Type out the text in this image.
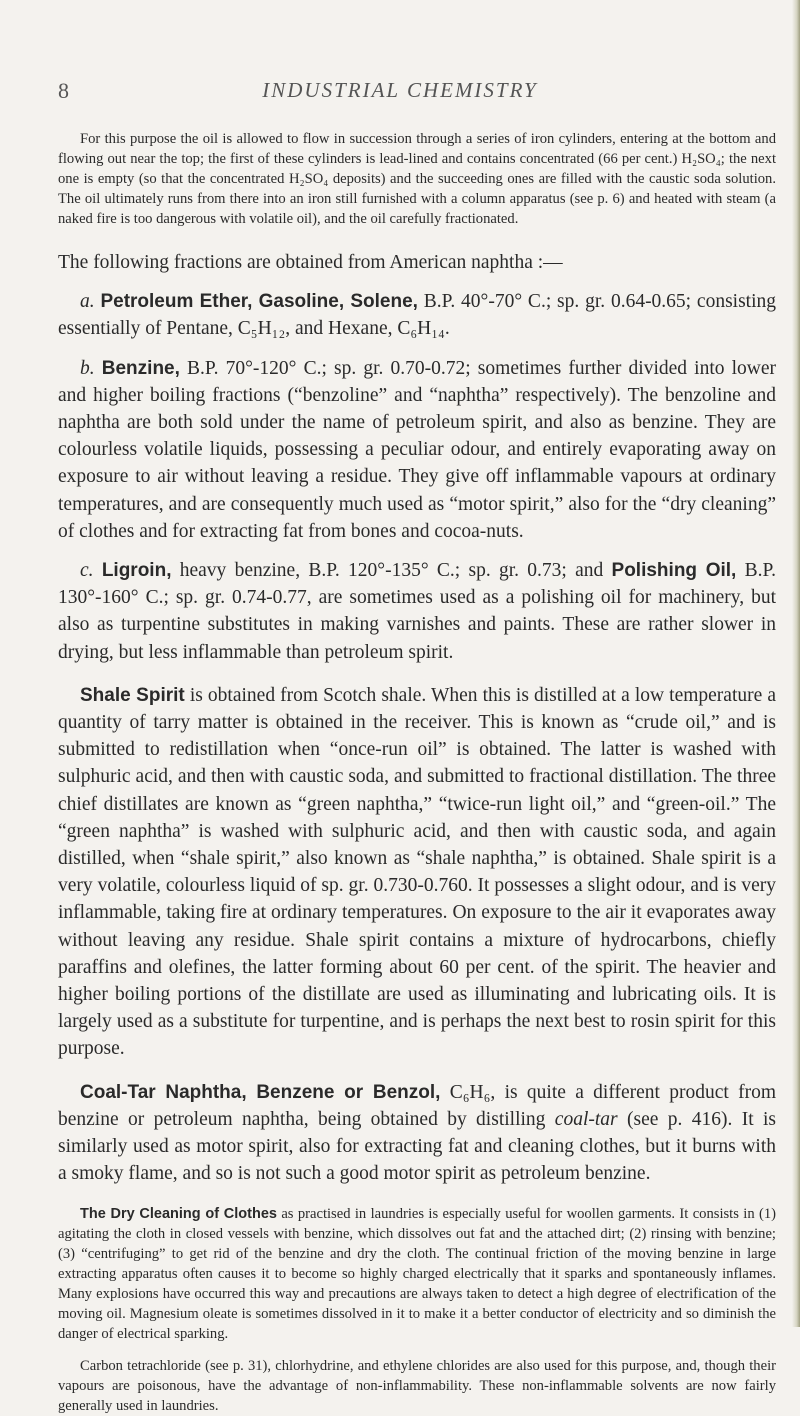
INDUSTRIAL CHEMISTRY
8

For this purpose the oil is allowed to flow in succession through a series of iron cylinders, entering at the bottom and flowing out near the top; the first of these cylinders is lead-lined and contains concentrated (66 per cent.) H₂SO₄; the next one is empty (so that the concentrated H₂SO₄ deposits) and the succeeding ones are filled with the caustic soda solution. The oil ultimately runs from there into an iron still furnished with a column apparatus (see p. 6) and heated with steam (a naked fire is too dangerous with volatile oil), and the oil carefully fractionated.

The following fractions are obtained from American naphtha :—

a. Petroleum Ether, Gasoline, Solene, B.P. 40°-70° C.; sp. gr. 0.64-0.65; consisting essentially of Pentane, C₅H₁₂, and Hexane, C₆H₁₄.

b. Benzine, B.P. 70°-120° C.; sp. gr. 0.70-0.72; sometimes further divided into lower and higher boiling fractions (“benzoline” and “naphtha” respectively). The benzoline and naphtha are both sold under the name of petroleum spirit, and also as benzine. They are colourless volatile liquids, possessing a peculiar odour, and entirely evaporating away on exposure to air without leaving a residue. They give off inflammable vapours at ordinary temperatures, and are consequently much used as “motor spirit,” also for the “dry cleaning” of clothes and for extracting fat from bones and cocoa-nuts.

c. Ligroin, heavy benzine, B.P. 120°-135° C.; sp. gr. 0.73; and Polishing Oil, B.P. 130°-160° C.; sp. gr. 0.74-0.77, are sometimes used as a polishing oil for machinery, but also as turpentine substitutes in making varnishes and paints. These are rather slower in drying, but less inflammable than petroleum spirit.

Shale Spirit is obtained from Scotch shale. When this is distilled at a low temperature a quantity of tarry matter is obtained in the receiver. This is known as “crude oil,” and is submitted to redistillation when “once-run oil” is obtained. The latter is washed with sulphuric acid, and then with caustic soda, and submitted to fractional distillation. The three chief distillates are known as “green naphtha,” “twice-run light oil,” and “green-oil.” The “green naphtha” is washed with sulphuric acid, and then with caustic soda, and again distilled, when “shale spirit,” also known as “shale naphtha,” is obtained. Shale spirit is a very volatile, colourless liquid of sp. gr. 0.730-0.760. It possesses a slight odour, and is very inflammable, taking fire at ordinary temperatures. On exposure to the air it evaporates away without leaving any residue. Shale spirit contains a mixture of hydrocarbons, chiefly paraffins and olefines, the latter forming about 60 per cent. of the spirit. The heavier and higher boiling portions of the distillate are used as illuminating and lubricating oils. It is largely used as a substitute for turpentine, and is perhaps the next best to rosin spirit for this purpose.

Coal-Tar Naphtha, Benzene or Benzol, C₆H₆, is quite a different product from benzine or petroleum naphtha, being obtained by distilling coal-tar (see p. 416). It is similarly used as motor spirit, also for extracting fat and cleaning clothes, but it burns with a smoky flame, and so is not such a good motor spirit as petroleum benzine.

The Dry Cleaning of Clothes as practised in laundries is especially useful for woollen garments. It consists in (1) agitating the cloth in closed vessels with benzine, which dissolves out fat and the attached dirt; (2) rinsing with benzine; (3) “centrifuging” to get rid of the benzine and dry the cloth. The continual friction of the moving benzine in large extracting apparatus often causes it to become so highly charged electrically that it sparks and spontaneously inflames. Many explosions have occurred this way and precautions are always taken to detect a high degree of electrification of the moving oil. Magnesium oleate is sometimes dissolved in it to make it a better conductor of electricity and so diminish the danger of electrical sparking.

Carbon tetrachloride (see p. 31), chlorhydrine, and ethylene chlorides are also used for this purpose, and, though their vapours are poisonous, have the advantage of non-inflammability. These non-inflammable solvents are now fairly generally used in laundries.
